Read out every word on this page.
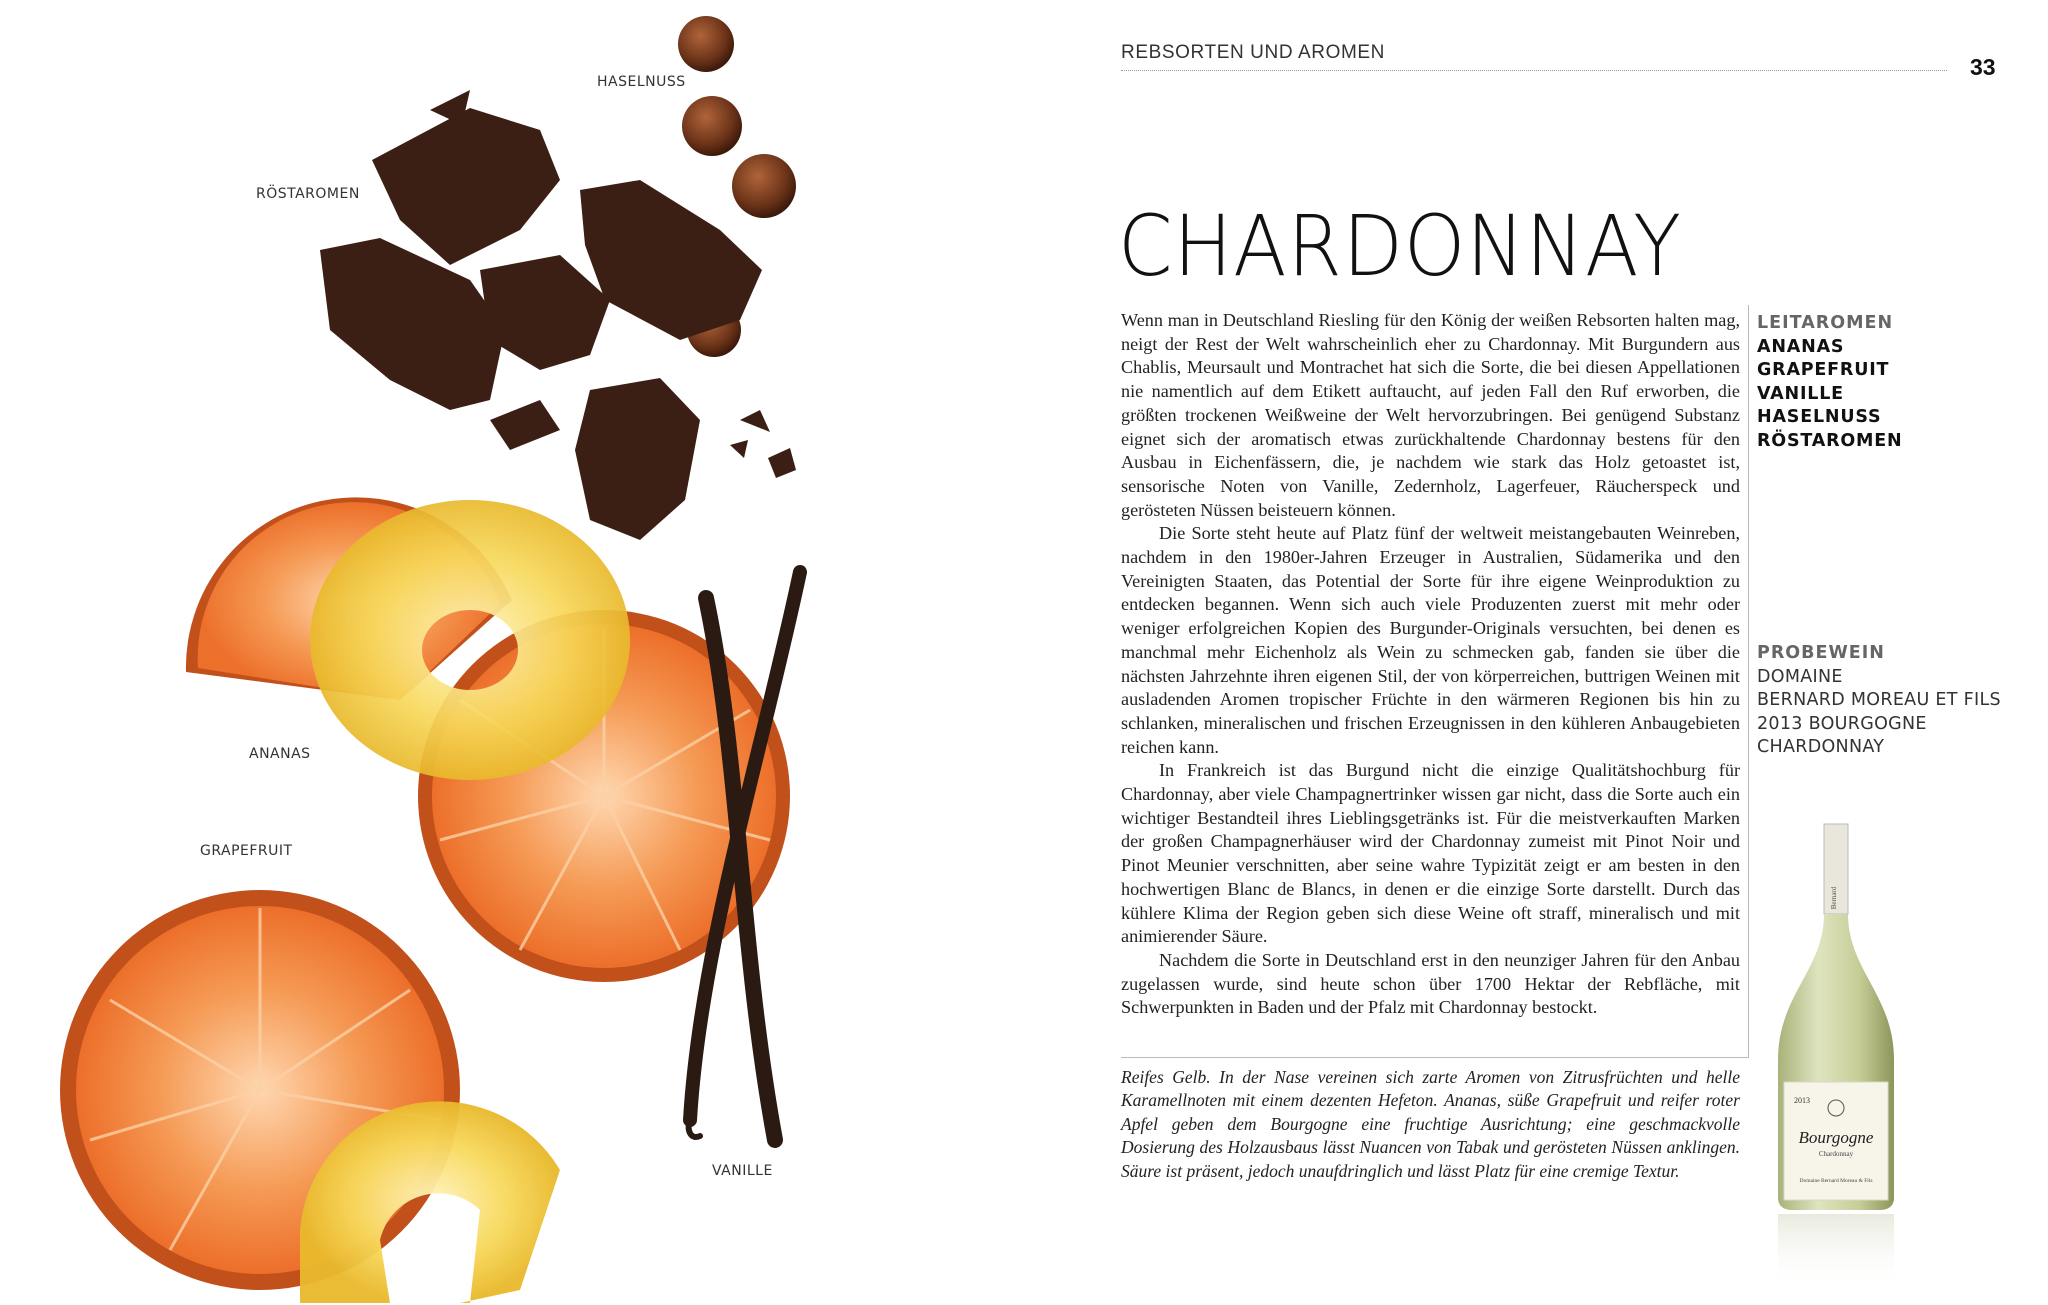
HASELNUSS
RÖSTAROMEN
ANANAS
GRAPEFRUIT
VANILLE
REBSORTEN UND AROMEN
33
CHARDONNAY

Wenn man in Deutschland Riesling für den König der weißen Rebsorten halten mag, neigt der Rest der Welt wahrscheinlich eher zu Chardonnay. Mit Burgundern aus Chablis, Meursault und Montrachet hat sich die Sorte, die bei diesen Appellationen nie namentlich auf dem Etikett auftaucht, auf jeden Fall den Ruf erworben, die größten trockenen Weißweine der Welt hervorzubringen. Bei genügend Substanz eignet sich der aromatisch etwas zurückhaltende Chardonnay bestens für den Ausbau in Eichenfässern, die, je nachdem wie stark das Holz getoastet ist, sensorische Noten von Vanille, Zedernholz, Lagerfeuer, Räucherspeck und gerösteten Nüssen beisteuern können.

Die Sorte steht heute auf Platz fünf der weltweit meistangebauten Weinreben, nachdem in den 1980er-Jahren Erzeuger in Australien, Südamerika und den Vereinigten Staaten, das Potential der Sorte für ihre eigene Weinproduktion zu entdecken begannen. Wenn sich auch viele Produzenten zuerst mit mehr oder weniger erfolgreichen Kopien des Burgunder-Originals versuchten, bei denen es manchmal mehr Eichenholz als Wein zu schmecken gab, fanden sie über die nächsten Jahrzehnte ihren eigenen Stil, der von körperreichen, buttrigen Weinen mit ausladenden Aromen tropischer Früchte in den wärmeren Regionen bis hin zu schlanken, mineralischen und frischen Erzeugnissen in den kühleren Anbaugebieten reichen kann.

In Frankreich ist das Burgund nicht die einzige Qualitätshochburg für Chardonnay, aber viele Champagnertrinker wissen gar nicht, dass die Sorte auch ein wichtiger Bestandteil ihres Lieblingsgetränks ist. Für die meistverkauften Marken der großen Champagnerhäuser wird der Chardonnay zumeist mit Pinot Noir und Pinot Meunier verschnitten, aber seine wahre Typizität zeigt er am besten in den hochwertigen Blanc de Blancs, in denen er die einzige Sorte darstellt. Durch das kühlere Klima der Region geben sich diese Weine oft straff, mineralisch und mit animierender Säure.

Nachdem die Sorte in Deutschland erst in den neunziger Jahren für den Anbau zugelassen wurde, sind heute schon über 1700 Hektar der Rebfläche, mit Schwerpunkten in Baden und der Pfalz mit Chardonnay bestockt.

Reifes Gelb. In der Nase vereinen sich zarte Aromen von Zitrusfrüchten und helle Karamellnoten mit einem dezenten Hefeton. Ananas, süße Grapefruit und reifer roter Apfel geben dem Bourgogne eine fruchtige Ausrichtung; eine geschmackvolle Dosierung des Holzausbaus lässt Nuancen von Tabak und gerösteten Nüssen anklingen. Säure ist präsent, jedoch unaufdringlich und lässt Platz für eine cremige Textur.
LEITAROMEN
ANANAS
GRAPEFRUIT
VANILLE
HASELNUSS
RÖSTAROMEN
PROBEWEIN
DOMAINE
BERNARD MOREAU ET FILS
2013 BOURGOGNE
CHARDONNAY
Bernard
2013
Bourgogne
Chardonnay
Domaine Bernard Moreau & Fils
